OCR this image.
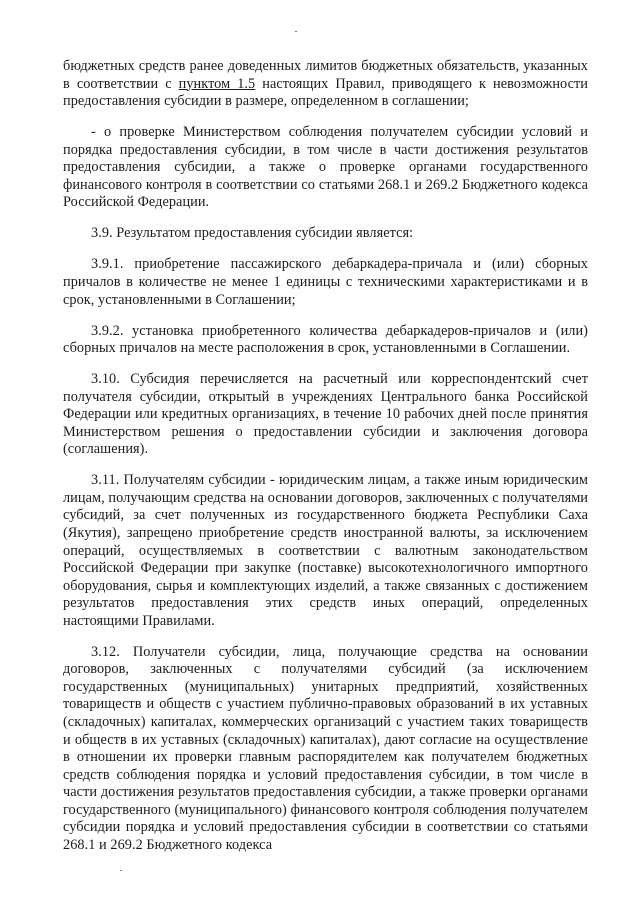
бюджетных средств ранее доведенных лимитов бюджетных обязательств, указанных в соответствии с пунктом 1.5 настоящих Правил, приводящего к невозможности предоставления субсидии в размере, определенном в соглашении;

- о проверке Министерством соблюдения получателем субсидии условий и порядка предоставления субсидии, в том числе в части достижения результатов предоставления субсидии, а также о проверке органами государственного финансового контроля в соответствии со статьями 268.1 и 269.2 Бюджетного кодекса Российской Федерации.

3.9. Результатом предоставления субсидии является:

3.9.1. приобретение пассажирского дебаркадера-причала и (или) сборных причалов в количестве не менее 1 единицы с техническими характеристиками и в срок, установленными в Соглашении;

3.9.2. установка приобретенного количества дебаркадеров-причалов и (или) сборных причалов на месте расположения в срок, установленными в Соглашении.

3.10. Субсидия перечисляется на расчетный или корреспондентский счет получателя субсидии, открытый в учреждениях Центрального банка Российской Федерации или кредитных организациях, в течение 10 рабочих дней после принятия Министерством решения о предоставлении субсидии и заключения договора (соглашения).

3.11. Получателям субсидии - юридическим лицам, а также иным юридическим лицам, получающим средства на основании договоров, заключенных с получателями субсидий, за счет полученных из государственного бюджета Республики Саха (Якутия), запрещено приобретение средств иностранной валюты, за исключением операций, осуществляемых в соответствии с валютным законодательством Российской Федерации при закупке (поставке) высокотехнологичного импортного оборудования, сырья и комплектующих изделий, а также связанных с достижением результатов предоставления этих средств иных операций, определенных настоящими Правилами.

3.12. Получатели субсидии, лица, получающие средства на основании договоров, заключенных с получателями субсидий (за исключением государственных (муниципальных) унитарных предприятий, хозяйственных товариществ и обществ с участием публично-правовых образований в их уставных (складочных) капиталах, коммерческих организаций с участием таких товариществ и обществ в их уставных (складочных) капиталах), дают согласие на осуществление в отношении их проверки главным распорядителем как получателем бюджетных средств соблюдения порядка и условий предоставления субсидии, в том числе в части достижения результатов предоставления субсидии, а также проверки органами государственного (муниципального) финансового контроля соблюдения получателем субсидии порядка и условий предоставления субсидии в соответствии со статьями 268.1 и 269.2 Бюджетного кодекса
